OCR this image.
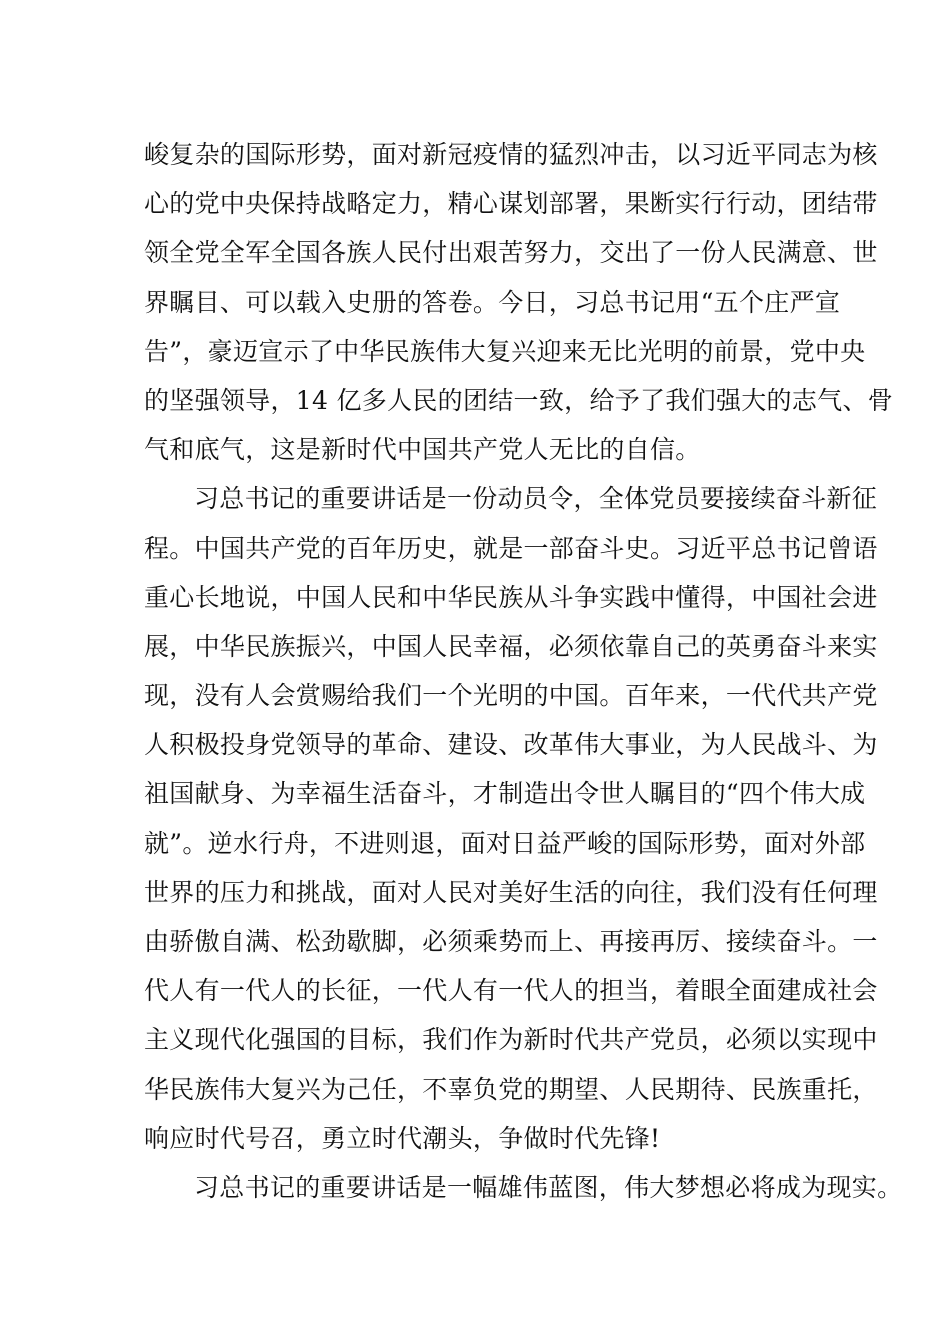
峻复杂的国际形势，面对新冠疫情的猛烈冲击，以习近平同志为核
心的党中央保持战略定力，精心谋划部署，果断实行行动，团结带
领全党全军全国各族人民付出艰苦努力，交出了一份人民满意、世
界瞩目、可以载入史册的答卷。今日，习总书记用“五个庄严宣
告”，豪迈宣示了中华民族伟大复兴迎来无比光明的前景，党中央
的坚强领导，14 亿多人民的团结一致，给予了我们强大的志气、骨
气和底气，这是新时代中国共产党人无比的自信。
习总书记的重要讲话是一份动员令，全体党员要接续奋斗新征
程。中国共产党的百年历史，就是一部奋斗史。习近平总书记曾语
重心长地说，中国人民和中华民族从斗争实践中懂得，中国社会进
展，中华民族振兴，中国人民幸福，必须依靠自己的英勇奋斗来实
现，没有人会赏赐给我们一个光明的中国。百年来，一代代共产党
人积极投身党领导的革命、建设、改革伟大事业，为人民战斗、为
祖国献身、为幸福生活奋斗，才制造出令世人瞩目的“四个伟大成
就”。逆水行舟，不进则退，面对日益严峻的国际形势，面对外部
世界的压力和挑战，面对人民对美好生活的向往，我们没有任何理
由骄傲自满、松劲歇脚，必须乘势而上、再接再厉、接续奋斗。一
代人有一代人的长征，一代人有一代人的担当，着眼全面建成社会
主义现代化强国的目标，我们作为新时代共产党员，必须以实现中
华民族伟大复兴为己任，不辜负党的期望、人民期待、民族重托，
响应时代号召，勇立时代潮头，争做时代先锋!
习总书记的重要讲话是一幅雄伟蓝图，伟大梦想必将成为现实。
